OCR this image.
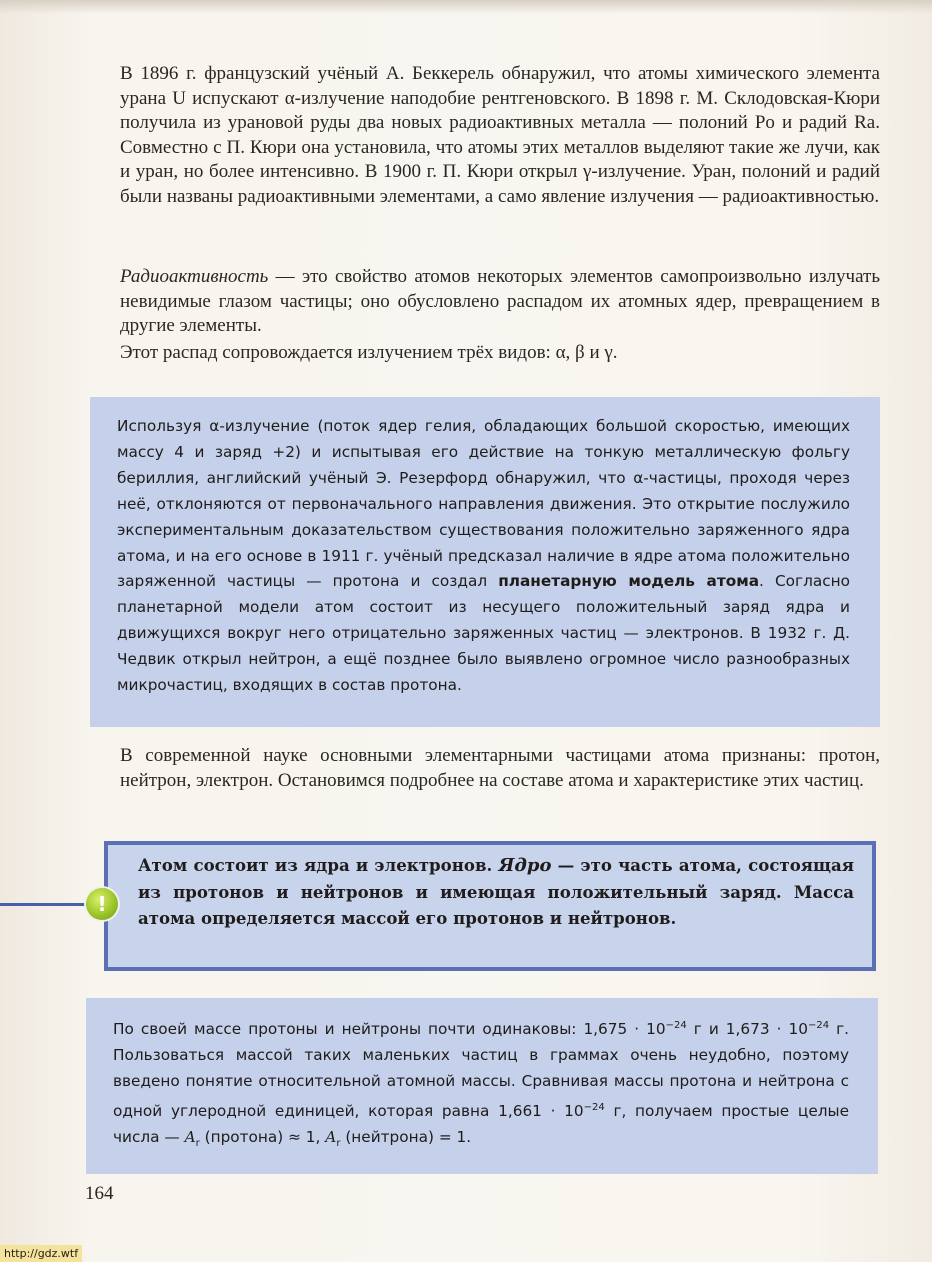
В 1896 г. французский учёный А. Беккерель обнаружил, что атомы химического элемента урана U испускают α-излучение наподобие рентгеновского. В 1898 г. М. Склодовская-Кюри получила из урановой руды два новых радиоактивных металла — полоний Po и радий Ra. Совместно с П. Кюри она установила, что атомы этих металлов выделяют такие же лучи, как и уран, но более интенсивно. В 1900 г. П. Кюри открыл γ-излучение. Уран, полоний и радий были названы радиоактивными элементами, а само явление излучения — радиоактивностью.

Радиоактивность — это свойство атомов некоторых элементов самопроизвольно излучать невидимые глазом частицы; оно обусловлено распадом их атомных ядер, превращением в другие элементы.

Этот распад сопровождается излучением трёх видов: α, β и γ.

Используя α-излучение (поток ядер гелия, обладающих большой скоростью, имеющих массу 4 и заряд +2) и испытывая его действие на тонкую металлическую фольгу бериллия, английский учёный Э. Резерфорд обнаружил, что α-частицы, проходя через неё, отклоняются от первоначального направления движения. Это открытие послужило экспериментальным доказательством существования положительно заряженного ядра атома, и на его основе в 1911 г. учёный предсказал наличие в ядре атома положительно заряженной частицы — протона и создал планетарную модель атома. Согласно планетарной модели атом состоит из несущего положительный заряд ядра и движущихся вокруг него отрицательно заряженных частиц — электронов. В 1932 г. Д. Чедвик открыл нейтрон, а ещё позднее было выявлено огромное число разнообразных микрочастиц, входящих в состав протона.

В современной науке основными элементарными частицами атома признаны: протон, нейтрон, электрон. Остановимся подробнее на составе атома и характеристике этих частиц.

Атом состоит из ядра и электронов. Ядро — это часть атома, состоящая из протонов и нейтронов и имеющая положительный заряд. Масса атома определяется массой его протонов и нейтронов.

!

По своей массе протоны и нейтроны почти одинаковы: $1,675 \cdot 10^{-24}$ г и $1,673 \cdot 10^{-24}$ г. Пользоваться массой таких маленьких частиц в граммах очень неудобно, поэтому введено понятие относительной атомной массы. Сравнивая массы протона и нейтрона с одной углеродной единицей, которая равна $1,661 \cdot 10^{-24}$ г, получаем простые целые числа — $A_r$ (протона) ≈ 1, $A_r$ (нейтрона) = 1.

164
http://gdz.wtf
